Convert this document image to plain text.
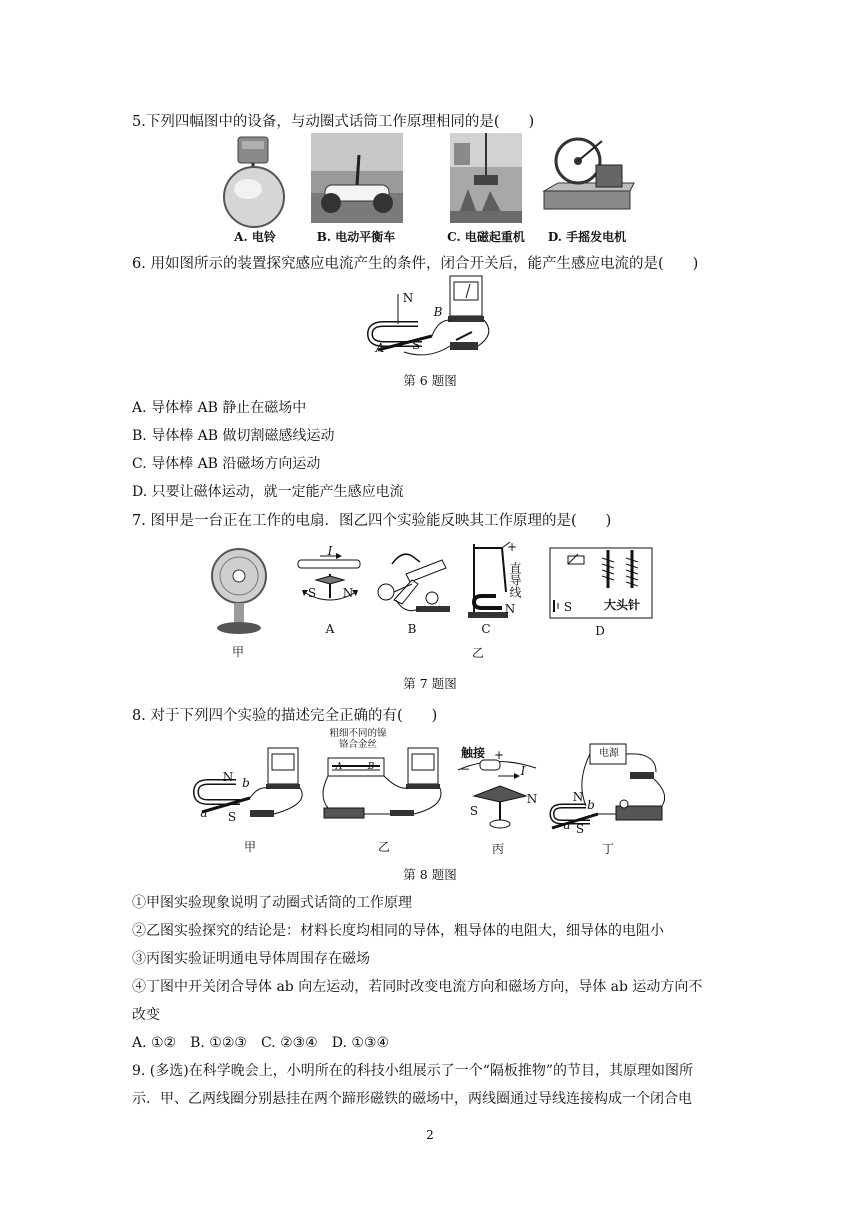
5.下列四幅图中的设备，与动圈式话筒工作原理相同的是(　　)
A. 电铃	B. 电动平衡车	C. 电磁起重机	D. 手摇发电机
6. 用如图所示的装置探究感应电流产生的条件，闭合开关后，能产生感应电流的是(　　)
N
B
A S
第 6 题图
A. 导体棒 AB 静止在磁场中
B. 导体棒 AB 做切割磁感线运动
C. 导体棒 AB 沿磁场方向运动
D. 只要让磁体运动，就一定能产生感应电流
7. 图甲是一台正在工作的电扇．图乙四个实验能反映其工作原理的是(　　)
甲
I
S N
A	B
+
直导线
N
C
S	大头针
D
乙
第 7 题图
8. 对于下列四个实验的描述完全正确的有(　　)
N b
a S
甲
粗细不同的镍铬合金丝
A	B
乙
触接
−
+
I
S
N
丙
电源
N
b
a S
丁
第 8 题图
①甲图实验现象说明了动圈式话筒的工作原理
②乙图实验探究的结论是：材料长度均相同的导体，粗导体的电阻大，细导体的电阻小
③丙图实验证明通电导体周围存在磁场
④丁图中开关闭合导体 ab 向左运动，若同时改变电流方向和磁场方向，导体 ab 运动方向不
改变
A. ①②　B. ①②③　C. ②③④　D. ①③④
9. (多选)在科学晚会上，小明所在的科技小组展示了一个“隔板推物”的节目，其原理如图所
示．甲、乙两线圈分别悬挂在两个蹄形磁铁的磁场中，两线圈通过导线连接构成一个闭合电
2
